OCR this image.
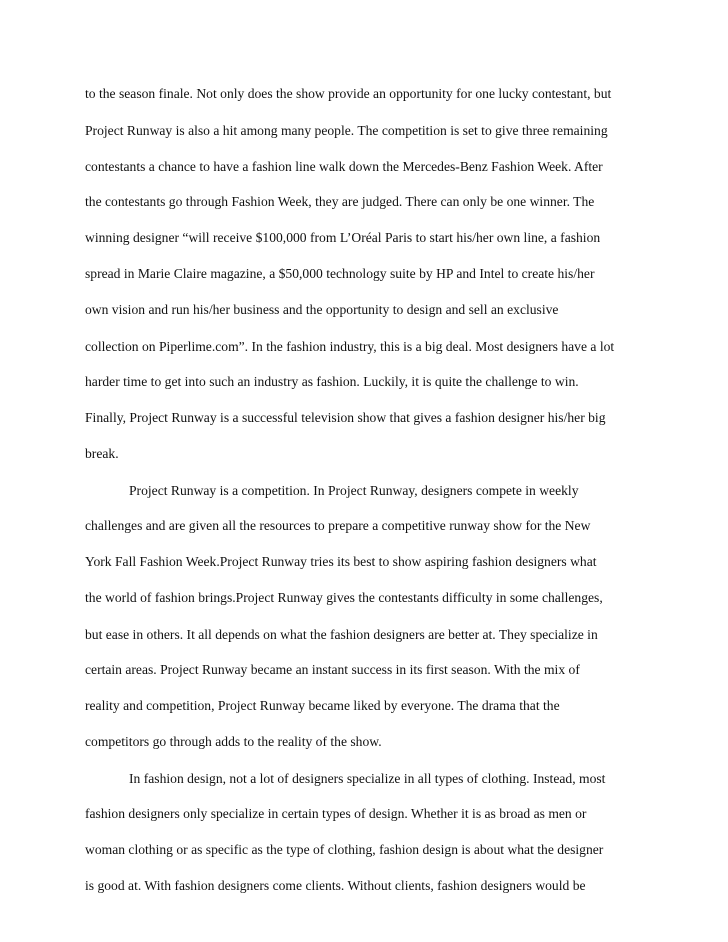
to the season finale. Not only does the show provide an opportunity for one lucky contestant, but
Project Runway is also a hit among many people. The competition is set to give three remaining
contestants a chance to have a fashion line walk down the Mercedes-Benz Fashion Week. After
the contestants go through Fashion Week, they are judged. There can only be one winner. The
winning designer “will receive $100,000 from L’Oréal Paris to start his/her own line, a fashion
spread in Marie Claire magazine, a $50,000 technology suite by HP and Intel to create his/her
own vision and run his/her business and the opportunity to design and sell an exclusive
collection on Piperlime.com”. In the fashion industry, this is a big deal. Most designers have a lot
harder time to get into such an industry as fashion. Luckily, it is quite the challenge to win.
Finally, Project Runway is a successful television show that gives a fashion designer his/her big
break.
Project Runway is a competition. In Project Runway, designers compete in weekly
challenges and are given all the resources to prepare a competitive runway show for the New
York Fall Fashion Week.Project Runway tries its best to show aspiring fashion designers what
the world of fashion brings.Project Runway gives the contestants difficulty in some challenges,
but ease in others. It all depends on what the fashion designers are better at. They specialize in
certain areas. Project Runway became an instant success in its first season. With the mix of
reality and competition, Project Runway became liked by everyone. The drama that the
competitors go through adds to the reality of the show.
In fashion design, not a lot of designers specialize in all types of clothing. Instead, most
fashion designers only specialize in certain types of design. Whether it is as broad as men or
woman clothing or as specific as the type of clothing, fashion design is about what the designer
is good at. With fashion designers come clients. Without clients, fashion designers would be
